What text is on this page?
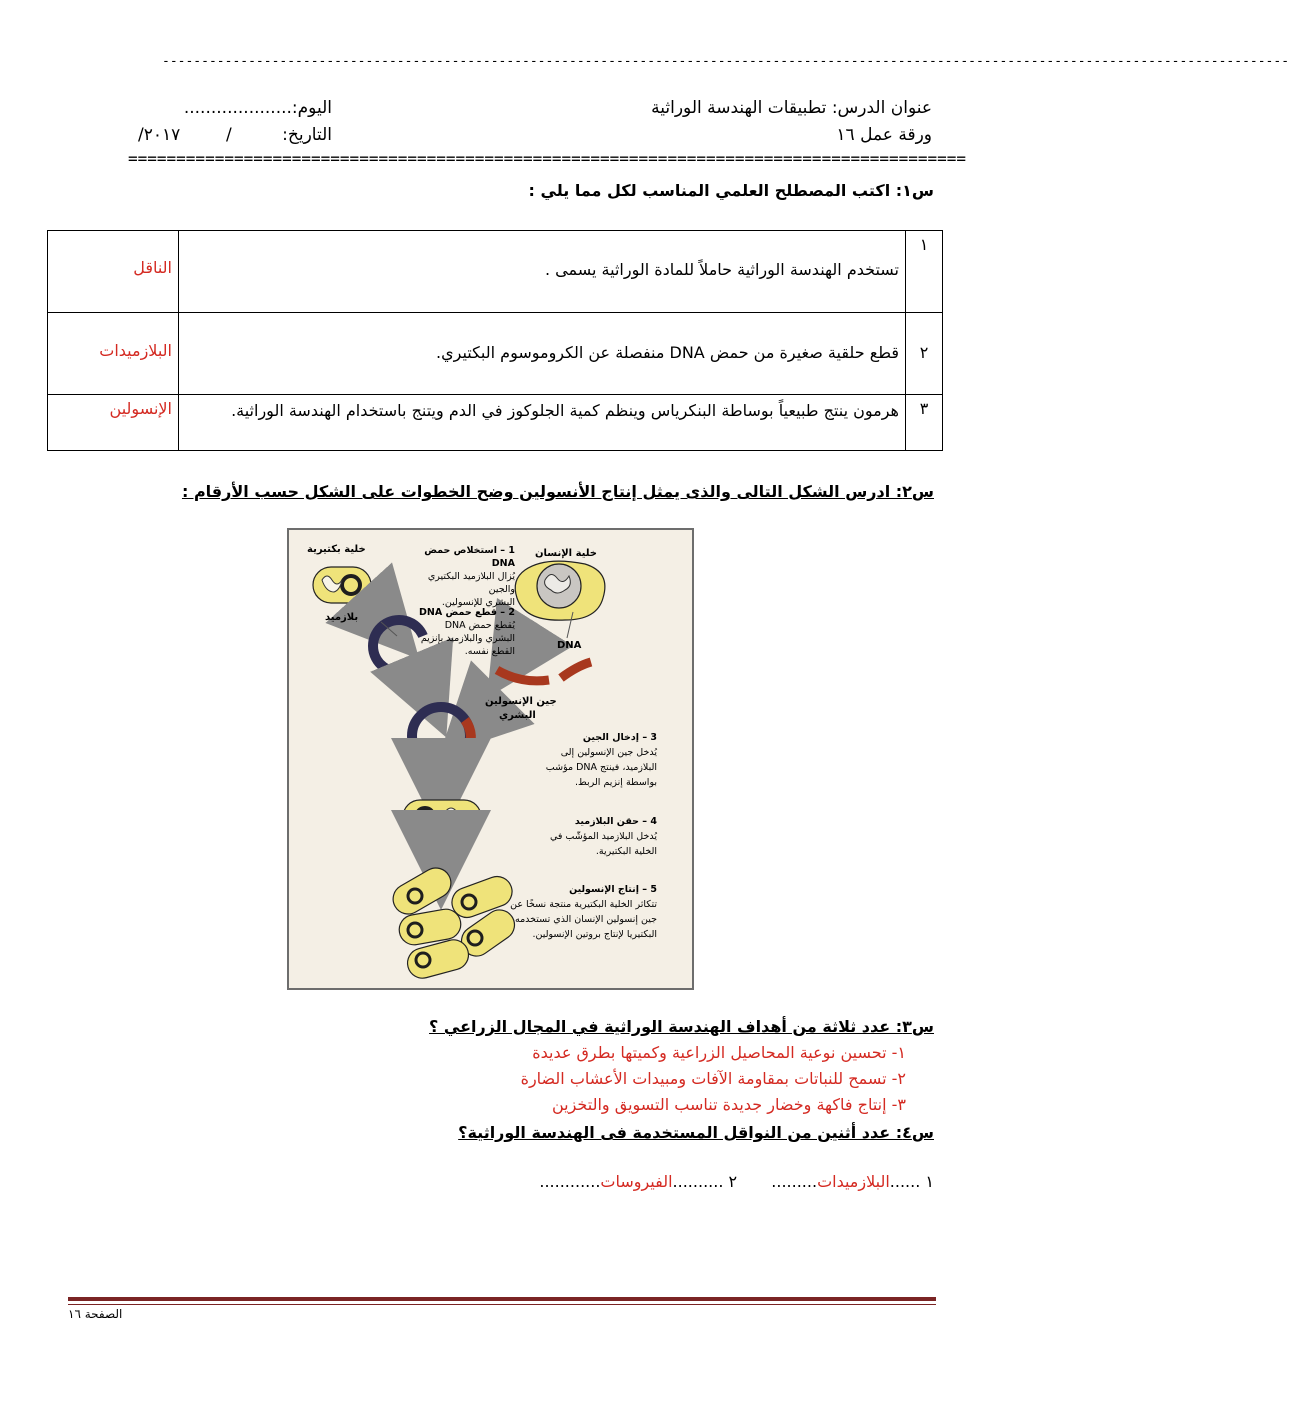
------------------------------------------------------------------------------------------------------------------------------------------------
عنوان الدرس: تطبيقات الهندسة الوراثية
اليوم:....................
ورقة عمل ١٦
التاريخ:
/
/٢٠١٧
=======================================================================================
س١: اكتب المصطلح العلمي المناسب لكل مما يلي :
١	تستخدم الهندسة الوراثية حاملاً للمادة الوراثية يسمى .	الناقل
٢	قطع حلقية صغيرة من حمض DNA منفصلة عن الكروموسوم البكتيري.	البلازميدات
٣	هرمون ينتج طبيعياً بوساطة البنكرياس وينظم كمية الجلوكوز في الدم ويتنج باستخدام الهندسة الوراثية.	الإنسولين
س٢: ادرس الشكل التالى والذى يمثل إنتاج الأنسولين وضح الخطوات على الشكل حسب الأرقام :
خلية بكتيرية	خلية الإنسان
بلازميد
DNA
جين الإنسولين
البشري
1 – استخلاص حمض DNA
يُزال البلازميد البكتيري والجين
البشري للإنسولين.
2 – قطع حمض DNA
يُقطع حمض DNA
البشري والبلازميد بإنزيم
القطع نفسه.
3 – إدخال الجين
يُدخل جين الإنسولين إلى
البلازميد، فينتج DNA مؤشب
بواسطة إنزيم الربط.
4 – حقن البلازميد
يُدخل البلازميد المؤشّب في
الخلية البكتيرية.
5 – إنتاج الإنسولين
تتكاثر الخلية البكتيرية منتجة نسخًا عن
جين إنسولين الإنسان الذي تستخدمه
البكتيريا لإنتاج بروتين الإنسولين.
س٣: عدد ثلاثة من أهداف الهندسة الوراثية في المجال الزراعي ؟
١- تحسين نوعية المحاصيل الزراعية وكميتها بطرق عديدة
٢- تسمح للنباتات بمقاومة الآفات ومبيدات الأعشاب الضارة
٣- إنتاج فاكهة وخضار جديدة تناسب التسويق والتخزين
س٤: عدد أثنين من النواقل المستخدمة فى الهندسة الوراثية؟
١ ......البلازميدات.........  ٢ ..........الفيروسات............
الصفحة ١٦
